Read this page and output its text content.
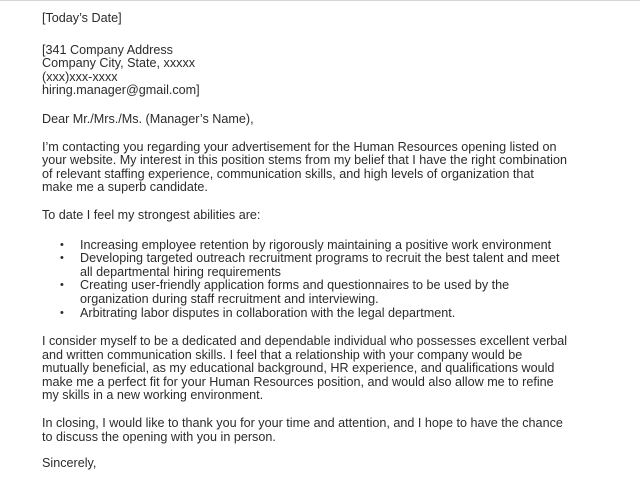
[Today’s Date]
[341 Company Address
Company City, State, xxxxx
(xxx)xxx-xxxx
hiring.manager@gmail.com]
Dear Mr./Mrs./Ms. (Manager’s Name),
I’m contacting you regarding your advertisement for the Human Resources opening listed on
your website. My interest in this position stems from my belief that I have the right combination
of relevant staffing experience, communication skills, and high levels of organization that
make me a superb candidate.
To date I feel my strongest abilities are:
• Increasing employee retention by rigorously maintaining a positive work environment
• Developing targeted outreach recruitment programs to recruit the best talent and meet
all departmental hiring requirements
• Creating user-friendly application forms and questionnaires to be used by the
organization during staff recruitment and interviewing.
• Arbitrating labor disputes in collaboration with the legal department.
I consider myself to be a dedicated and dependable individual who possesses excellent verbal
and written communication skills. I feel that a relationship with your company would be
mutually beneficial, as my educational background, HR experience, and qualifications would
make me a perfect fit for your Human Resources position, and would also allow me to refine
my skills in a new working environment.
In closing, I would like to thank you for your time and attention, and I hope to have the chance
to discuss the opening with you in person.
Sincerely,
